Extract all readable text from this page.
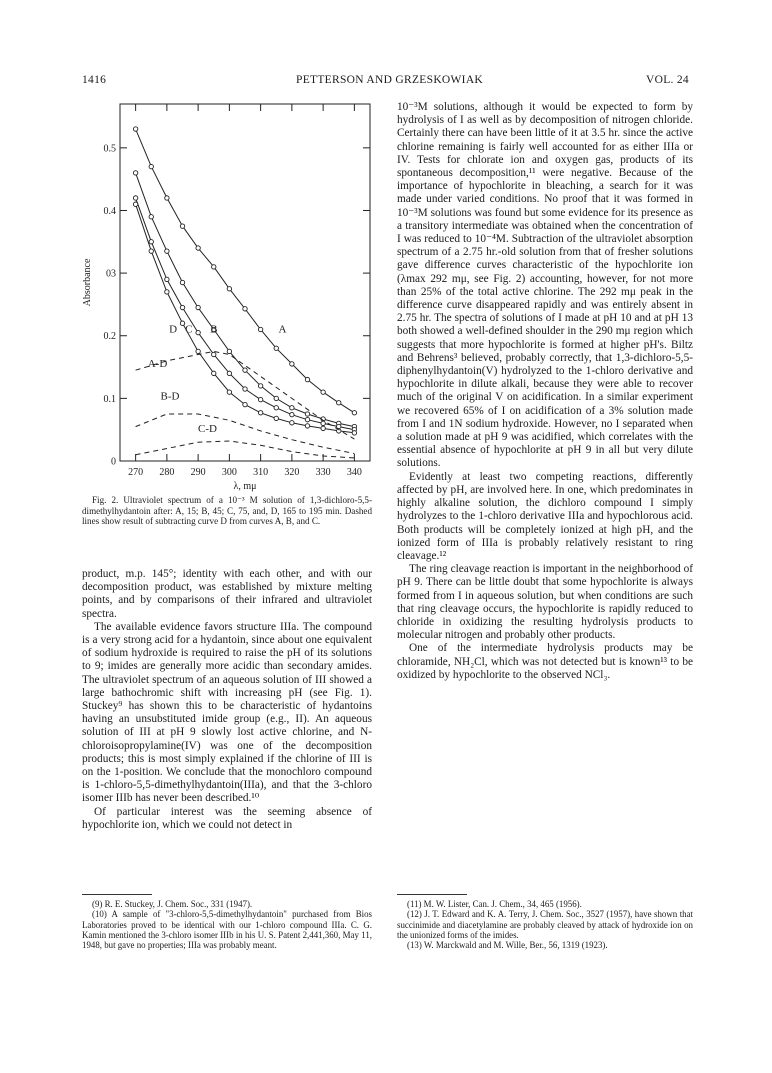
1416	PETTERSON AND GRZESKOWIAK	VOL. 24
270 280 290 300 310 320 330 340
0
0.1
0.2
03
0.4
0.5
λ, mμ
Absorbance
A
B
C
D
A-D
B-D
C-D
Fig. 2. Ultraviolet spectrum of a 10⁻³ M solution of 1,3-dichloro-5,5-dimethylhydantoin after: A, 15; B, 45; C, 75, and, D, 165 to 195 min. Dashed lines show result of subtracting curve D from curves A, B, and C.

product, m.p. 145°; identity with each other, and with our decomposition product, was established by mixture melting points, and by comparisons of their infrared and ultraviolet spectra.

The available evidence favors structure IIIa. The compound is a very strong acid for a hydantoin, since about one equivalent of sodium hydroxide is required to raise the pH of its solutions to 9; imides are generally more acidic than secondary amides. The ultraviolet spectrum of an aqueous solution of III showed a large bathochromic shift with increasing pH (see Fig. 1). Stuckey⁹ has shown this to be characteristic of hydantoins having an unsubstituted imide group (e.g., II). An aqueous solution of III at pH 9 slowly lost active chlorine, and N-chloroisopropylamine(IV) was one of the decomposition products; this is most simply explained if the chlorine of III is on the 1-position. We conclude that the monochloro compound is 1-chloro-5,5-dimethylhydantoin(IIIa), and that the 3-chloro isomer IIIb has never been described.¹⁰

Of particular interest was the seeming absence of hypochlorite ion, which we could not detect in

(9) R. E. Stuckey, J. Chem. Soc., 331 (1947).
(10) A sample of "3-chloro-5,5-dimethylhydantoin" purchased from Bios Laboratories proved to be identical with our 1-chloro compound IIIa. C. G. Kamin mentioned the 3-chloro isomer IIIb in his U. S. Patent 2,441,360, May 11, 1948, but gave no properties; IIIa was probably meant.

10⁻³M solutions, although it would be expected to form by hydrolysis of I as well as by decomposition of nitrogen chloride. Certainly there can have been little of it at 3.5 hr. since the active chlorine remaining is fairly well accounted for as either IIIa or IV. Tests for chlorate ion and oxygen gas, products of its spontaneous decomposition,¹¹ were negative. Because of the importance of hypochlorite in bleaching, a search for it was made under varied conditions. No proof that it was formed in 10⁻³M solutions was found but some evidence for its presence as a transitory intermediate was obtained when the concentration of I was reduced to 10⁻⁴M. Subtraction of the ultraviolet absorption spectrum of a 2.75 hr.-old solution from that of fresher solutions gave difference curves characteristic of the hypochlorite ion (λmax 292 mμ, see Fig. 2) accounting, however, for not more than 25% of the total active chlorine. The 292 mμ peak in the difference curve disappeared rapidly and was entirely absent in 2.75 hr. The spectra of solutions of I made at pH 10 and at pH 13 both showed a well-defined shoulder in the 290 mμ region which suggests that more hypochlorite is formed at higher pH's. Biltz and Behrens³ believed, probably correctly, that 1,3-dichloro-5,5-diphenylhydantoin(V) hydrolyzed to the 1-chloro derivative and hypochlorite in dilute alkali, because they were able to recover much of the original V on acidification. In a similar experiment we recovered 65% of I on acidification of a 3% solution made from I and 1N sodium hydroxide. However, no I separated when a solution made at pH 9 was acidified, which correlates with the essential absence of hypochlorite at pH 9 in all but very dilute solutions.

Evidently at least two competing reactions, differently affected by pH, are involved here. In one, which predominates in highly alkaline solution, the dichloro compound I simply hydrolyzes to the 1-chloro derivative IIIa and hypochlorous acid. Both products will be completely ionized at high pH, and the ionized form of IIIa is probably relatively resistant to ring cleavage.¹²

The ring cleavage reaction is important in the neighborhood of pH 9. There can be little doubt that some hypochlorite is always formed from I in aqueous solution, but when conditions are such that ring cleavage occurs, the hypochlorite is rapidly reduced to chloride in oxidizing the resulting hydrolysis products to molecular nitrogen and probably other products.

One of the intermediate hydrolysis products may be chloramide, NH₂Cl, which was not detected but is known¹³ to be oxidized by hypochlorite to the observed NCl₃.

(11) M. W. Lister, Can. J. Chem., 34, 465 (1956).
(12) J. T. Edward and K. A. Terry, J. Chem. Soc., 3527 (1957), have shown that succinimide and diacetylamine are probably cleaved by attack of hydroxide ion on the unionized forms of the imides.
(13) W. Marckwald and M. Wille, Ber., 56, 1319 (1923).
